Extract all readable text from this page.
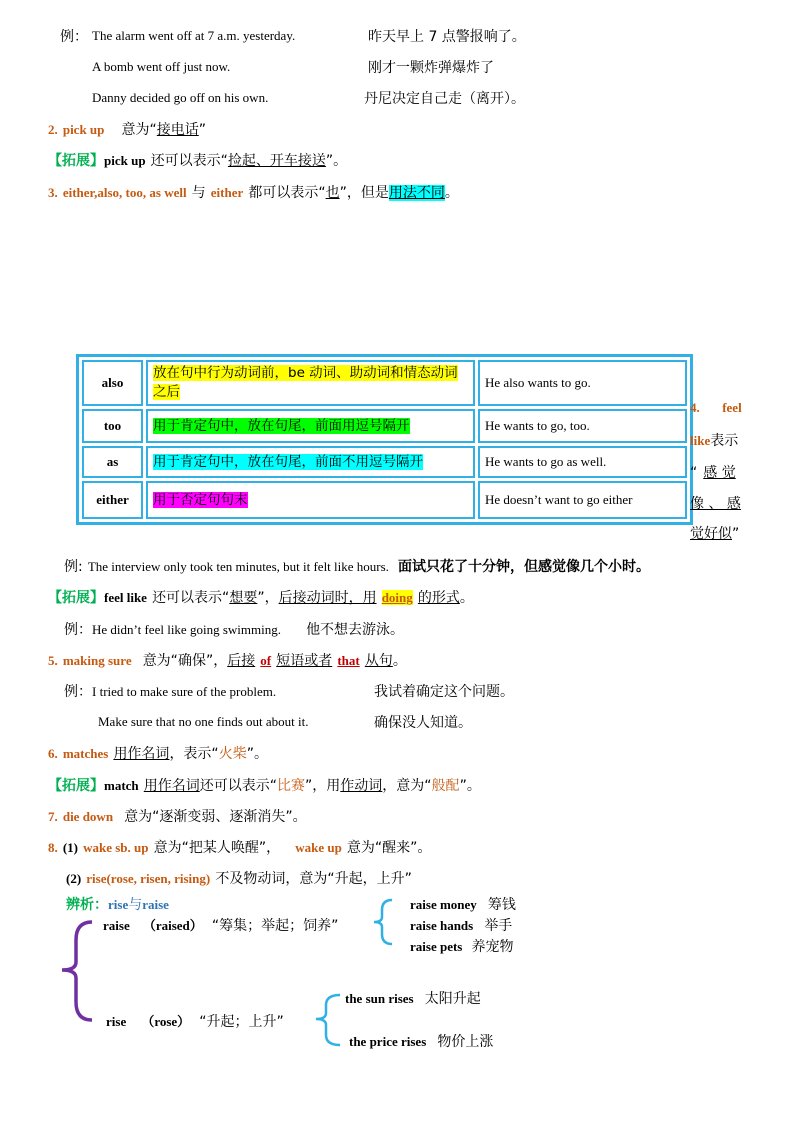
例： The alarm went off at 7 a.m. yesterday.	昨天早上 7 点警报响了。
A bomb went off just now.	刚才一颗炸弹爆炸了
Danny decided go off on his own.	丹尼决定自己走（离开）。
2. pick up 意为“接电话”
【拓展】pick up 还可以表示“捡起、开车接送”。
3. either,also, too, as well 与 either 都可以表示“也”，但是用法不同。
also	放在句中行为动词前，be 动词、助动词和情态动词之后	He also wants to go.
too	用于肯定句中，放在句尾，前面用逗号隔开	He wants to go, too.
as	用于肯定句中，放在句尾，前面不用逗号隔开	He wants to go as well.
either	用于否定句句末	He doesn’t want to go either
4. feel
like表示
“ 感 觉
像 、 感
觉好似”
例: The interview only took ten minutes, but it felt like hours. 面试只花了十分钟，但感觉像几个小时。
【拓展】feel like 还可以表示“想要”，后接动词时，用 doing 的形式。
例：He didn’t feel like going swimming. 他不想去游泳。
5. making sure 意为“确保”，后接 of 短语或者 that 从句。
例：I tried to make sure of the problem.	我试着确定这个问题。
Make sure that no one finds out about it.	确保没人知道。
6. matches 用作名词，表示“火柴”。
【拓展】match 用作名词还可以表示“比赛”，用作动词，意为“般配”。
7. die down 意为“逐渐变弱、逐渐消失”。
8. (1) wake sb. up 意为“把某人唤醒”， wake up 意为“醒来”。
(2) rise(rose, risen, rising) 不及物动词，意为“升起，上升”
辨析：rise与raise
raise （raised） “筹集；举起；饲养”
raise money 筹钱
raise hands 举手
raise pets 养宠物
rise （rose） “升起；上升”
the sun rises 太阳升起
the price rises 物价上涨
